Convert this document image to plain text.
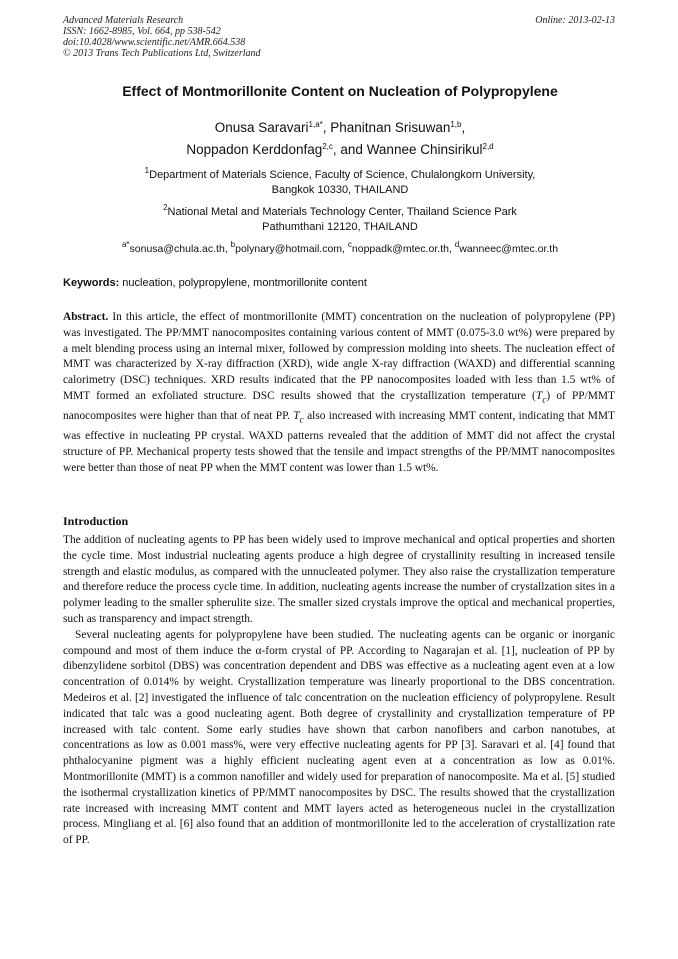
Advanced Materials Research
ISSN: 1662-8985, Vol. 664, pp 538-542
doi:10.4028/www.scientific.net/AMR.664.538
© 2013 Trans Tech Publications Ltd, Switzerland
Online: 2013-02-13
Effect of Montmorillonite Content on Nucleation of Polypropylene
Onusa Saravari$^{1,a*}$, Phanitnan Srisuwan$^{1,b}$,
Noppadon Kerddonfag$^{2,c}$, and Wannee Chinsirikul$^{2,d}$
$^1$Department of Materials Science, Faculty of Science, Chulalongkorn University,
Bangkok 10330, THAILAND
$^2$National Metal and Materials Technology Center, Thailand Science Park
Pathumthani 12120, THAILAND
$^{a*}$sonusa@chula.ac.th, $^b$polynary@hotmail.com, $^c$noppadk@mtec.or.th, $^d$wanneec@mtec.or.th
Keywords: nucleation, polypropylene, montmorillonite content
Abstract. In this article, the effect of montmorillonite (MMT) concentration on the nucleation of polypropylene (PP) was investigated. The PP/MMT nanocomposites containing various content of MMT (0.075-3.0 wt%) were prepared by a melt blending process using an internal mixer, followed by compression molding into sheets. The nucleation effect of MMT was characterized by X-ray diffraction (XRD), wide angle X-ray diffraction (WAXD) and differential scanning calorimetry (DSC) techniques. XRD results indicated that the PP nanocomposites loaded with less than 1.5 wt% of MMT formed an exfoliated structure. DSC results showed that the crystallization temperature $(T_c)$ of PP/MMT nanocomposites were higher than that of neat PP. $T_c$ also increased with increasing MMT content, indicating that MMT was effective in nucleating PP crystal. WAXD patterns revealed that the addition of MMT did not affect the crystal structure of PP. Mechanical property tests showed that the tensile and impact strengths of the PP/MMT nanocomposites were better than those of neat PP when the MMT content was lower than 1.5 wt%.
Introduction

The addition of nucleating agents to PP has been widely used to improve mechanical and optical properties and shorten the cycle time. Most industrial nucleating agents produce a high degree of crystallinity resulting in increased tensile strength and elastic modulus, as compared with the unnucleated polymer. They also raise the crystallization temperature and therefore reduce the process cycle time. In addition, nucleating agents increase the number of crystallzation sites in a polymer leading to the smaller spherulite size. The smaller sized crystals improve the optical and mechanical properties, such as transparency and impact strength.

Several nucleating agents for polypropylene have been studied. The nucleating agents can be organic or inorganic compound and most of them induce the α-form crystal of PP. According to Nagarajan et al. [1], nucleation of PP by dibenzylidene sorbitol (DBS) was concentration dependent and DBS was effective as a nucleating agent even at a low concentration of 0.014% by weight. Crystallization temperature was linearly proportional to the DBS concentration. Medeiros et al. [2] investigated the influence of talc concentration on the nucleation efficiency of polypropylene. Result indicated that talc was a good nucleating agent. Both degree of crystallinity and crystallization temperature of PP increased with talc content. Some early studies have shown that carbon nanofibers and carbon nanotubes, at concentrations as low as 0.001 mass%, were very effective nucleating agents for PP [3]. Saravari et al. [4] found that phthalocyanine pigment was a highly efficient nucleating agent even at a concentration as low as 0.01%. Montmorillonite (MMT) is a common nanofiller and widely used for preparation of nanocomposite. Ma et al. [5] studied the isothermal crystallization kinetics of PP/MMT nanocomposites by DSC. The results showed that the crystallization rate increased with increasing MMT content and MMT layers acted as heterogeneous nuclei in the crystallization process. Mingliang et al. [6] also found that an addition of montmorillonite led to the acceleration of crystallization rate of PP.
